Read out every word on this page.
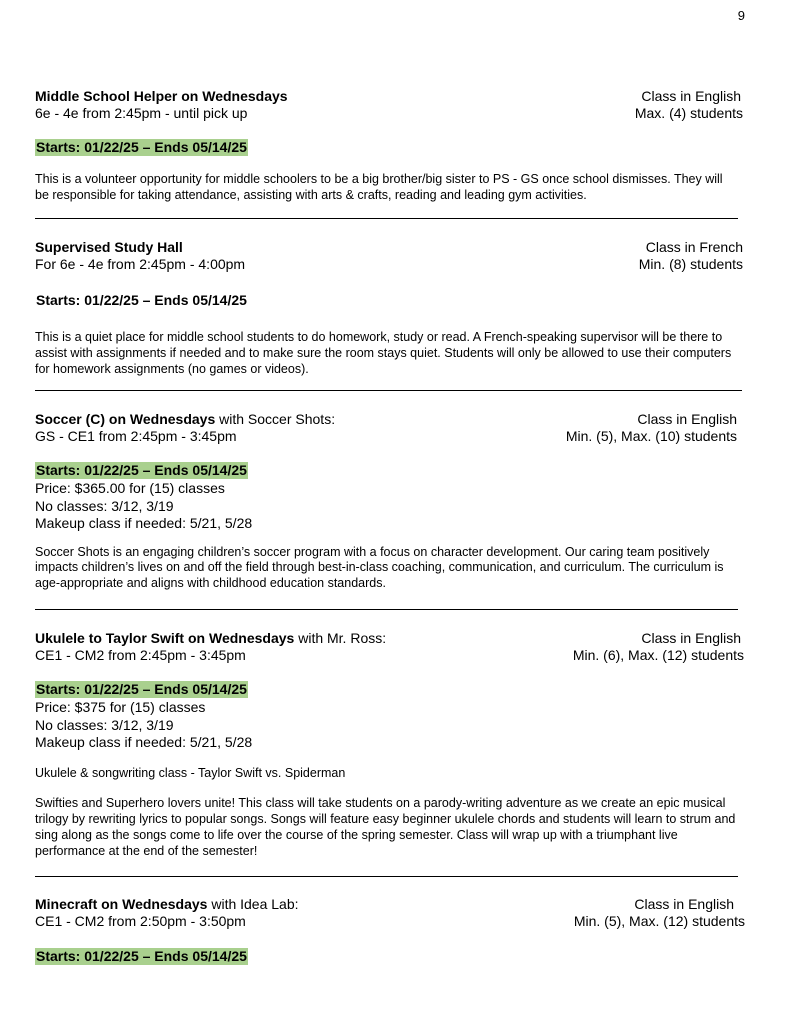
9
Middle School Helper on Wednesdays	Class in English
6e - 4e from 2:45pm - until pick up	Max. (4) students
Starts: 01/22/25 – Ends 05/14/25
This is a volunteer opportunity for middle schoolers to be a big brother/big sister to PS - GS once school dismisses. They will be responsible for taking attendance, assisting with arts & crafts, reading and leading gym activities.
Supervised Study Hall	Class in French
For 6e - 4e from 2:45pm - 4:00pm	Min. (8) students
Starts: 01/22/25 – Ends 05/14/25
This is a quiet place for middle school students to do homework, study or read. A French-speaking supervisor will be there to assist with assignments if needed and to make sure the room stays quiet. Students will only be allowed to use their computers for homework assignments (no games or videos).
Soccer (C) on Wednesdays with Soccer Shots:	Class in English
GS - CE1 from 2:45pm - 3:45pm	Min. (5), Max. (10) students
Starts: 01/22/25 – Ends 05/14/25
Price: $365.00 for (15) classes
No classes: 3/12, 3/19
Makeup class if needed: 5/21, 5/28
Soccer Shots is an engaging children’s soccer program with a focus on character development. Our caring team positively impacts children’s lives on and off the field through best-in-class coaching, communication, and curriculum. The curriculum is age-appropriate and aligns with childhood education standards.
Ukulele to Taylor Swift on Wednesdays with Mr. Ross:	Class in English
CE1 - CM2 from 2:45pm - 3:45pm	Min. (6), Max. (12) students
Starts: 01/22/25 – Ends 05/14/25
Price: $375 for (15) classes
No classes: 3/12, 3/19
Makeup class if needed: 5/21, 5/28
Ukulele & songwriting class - Taylor Swift vs. Spiderman
Swifties and Superhero lovers unite! This class will take students on a parody-writing adventure as we create an epic musical trilogy by rewriting lyrics to popular songs. Songs will feature easy beginner ukulele chords and students will learn to strum and sing along as the songs come to life over the course of the spring semester. Class will wrap up with a triumphant live performance at the end of the semester!
Minecraft on Wednesdays with Idea Lab:	Class in English
CE1 - CM2 from 2:50pm - 3:50pm	Min. (5), Max. (12) students
Starts: 01/22/25 – Ends 05/14/25
